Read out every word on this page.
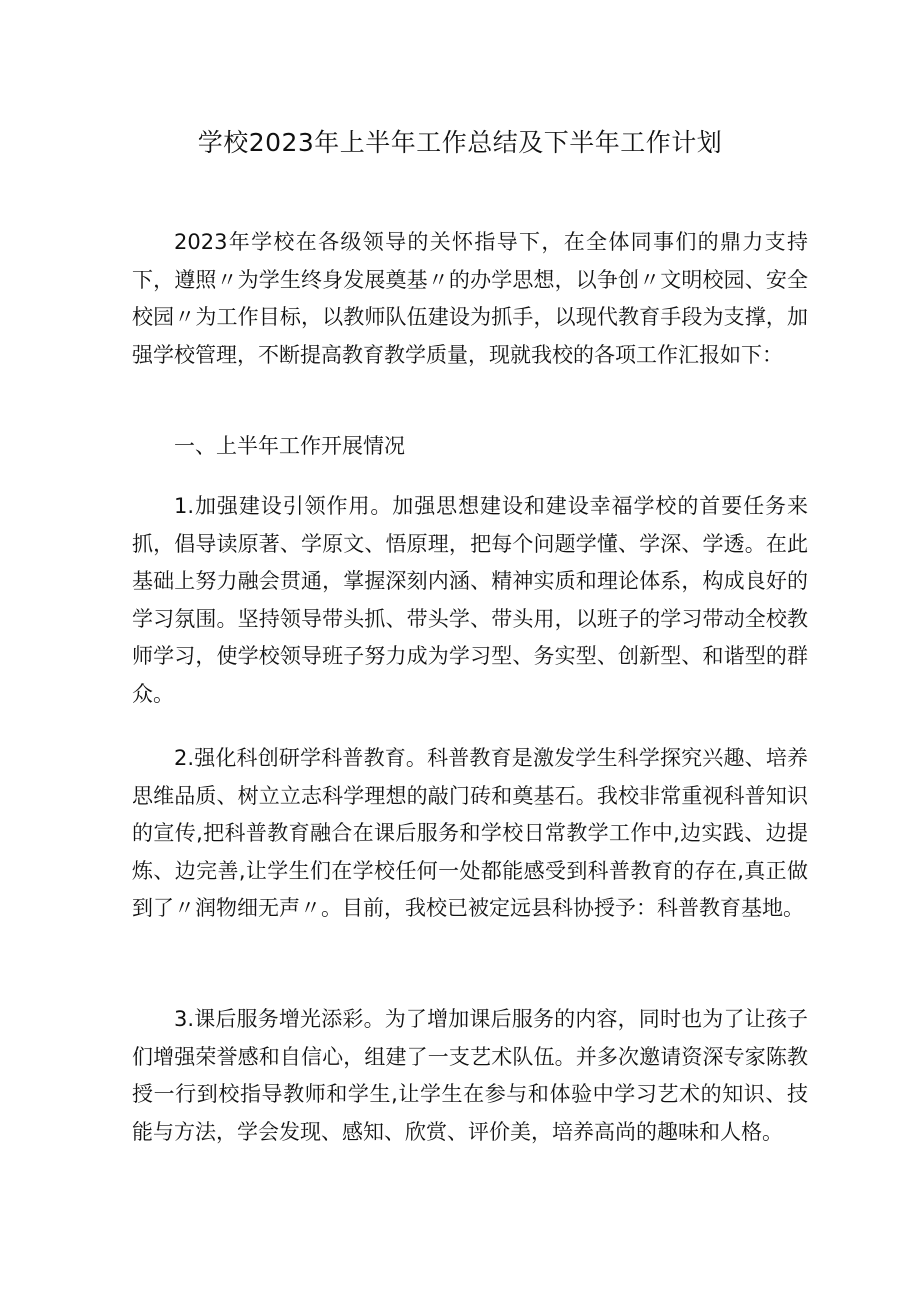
学校2023年上半年工作总结及下半年工作计划

2023年学校在各级领导的关怀指导下，在全体同事们的鼎力支持下，遵照〃为学生终身发展奠基〃的办学思想，以争创〃文明校园、安全校园〃为工作目标，以教师队伍建设为抓手，以现代教育手段为支撑，加强学校管理，不断提高教育教学质量，现就我校的各项工作汇报如下：

一、上半年工作开展情况

1.加强建设引领作用。加强思想建设和建设幸福学校的首要任务来抓，倡导读原著、学原文、悟原理，把每个问题学懂、学深、学透。在此基础上努力融会贯通，掌握深刻内涵、精神实质和理论体系，构成良好的学习氛围。坚持领导带头抓、带头学、带头用，以班子的学习带动全校教师学习，使学校领导班子努力成为学习型、务实型、创新型、和谐型的群众。

2.强化科创研学科普教育。科普教育是激发学生科学探究兴趣、培养思维品质、树立立志科学理想的敲门砖和奠基石。我校非常重视科普知识的宣传,把科普教育融合在课后服务和学校日常教学工作中,边实践、边提炼、边完善,让学生们在学校任何一处都能感受到科普教育的存在,真正做到了〃润物细无声〃。目前，我校已被定远县科协授予：科普教育基地。

3.课后服务增光添彩。为了增加课后服务的内容，同时也为了让孩子们增强荣誉感和自信心，组建了一支艺术队伍。并多次邀请资深专家陈教授一行到校指导教师和学生,让学生在参与和体验中学习艺术的知识、技能与方法，学会发现、感知、欣赏、评价美，培养高尚的趣味和人格。
